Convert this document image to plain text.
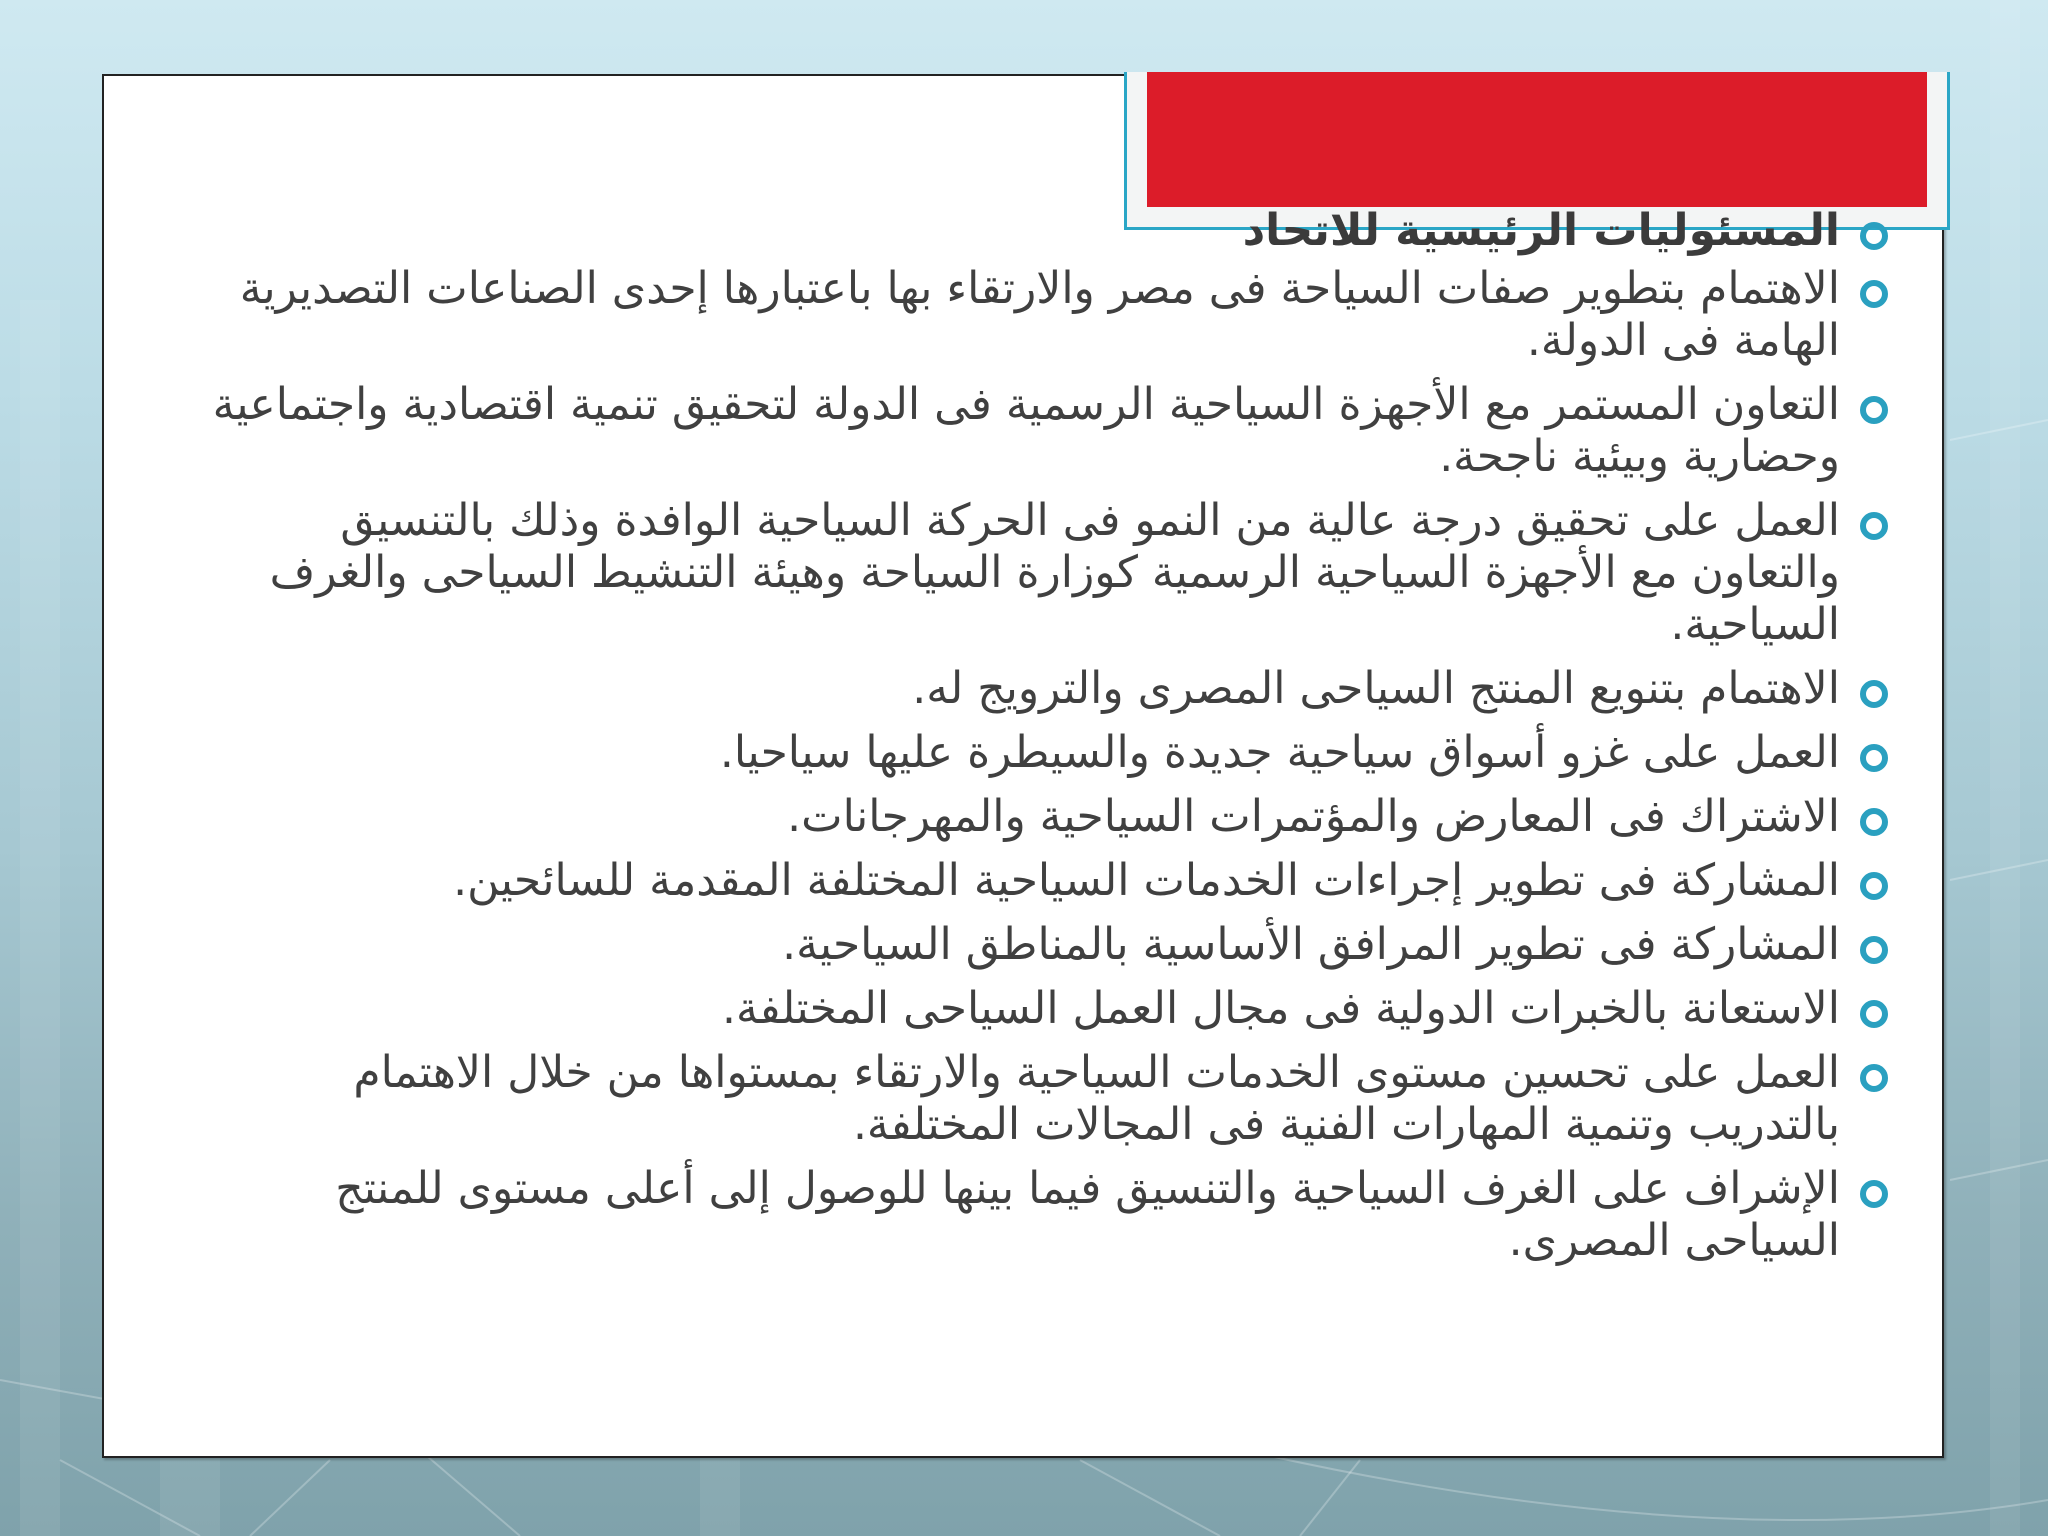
المسئوليات الرئيسية للاتحاد
الاهتمام بتطوير صفات السياحة فى مصر والارتقاء بها باعتبارها إحدى الصناعات التصديرية الهامة فى الدولة.
التعاون المستمر مع الأجهزة السياحية الرسمية فى الدولة لتحقيق تنمية اقتصادية واجتماعية وحضارية وبيئية ناجحة.
العمل على تحقيق درجة عالية من النمو فى الحركة السياحية الوافدة وذلك بالتنسيق والتعاون مع الأجهزة السياحية الرسمية كوزارة السياحة وهيئة التنشيط السياحى والغرف السياحية.
الاهتمام بتنويع المنتج السياحى المصرى والترويج له.
العمل على غزو أسواق سياحية جديدة والسيطرة عليها سياحيا.
الاشتراك فى المعارض والمؤتمرات السياحية والمهرجانات.
المشاركة فى تطوير إجراءات الخدمات السياحية المختلفة المقدمة للسائحين.
المشاركة فى تطوير المرافق الأساسية بالمناطق السياحية.
الاستعانة بالخبرات الدولية فى مجال العمل السياحى المختلفة.
العمل على تحسين مستوى الخدمات السياحية والارتقاء بمستواها من خلال الاهتمام بالتدريب وتنمية المهارات الفنية فى المجالات المختلفة.
الإشراف على الغرف السياحية والتنسيق فيما بينها للوصول إلى أعلى مستوى للمنتج السياحى المصرى.
